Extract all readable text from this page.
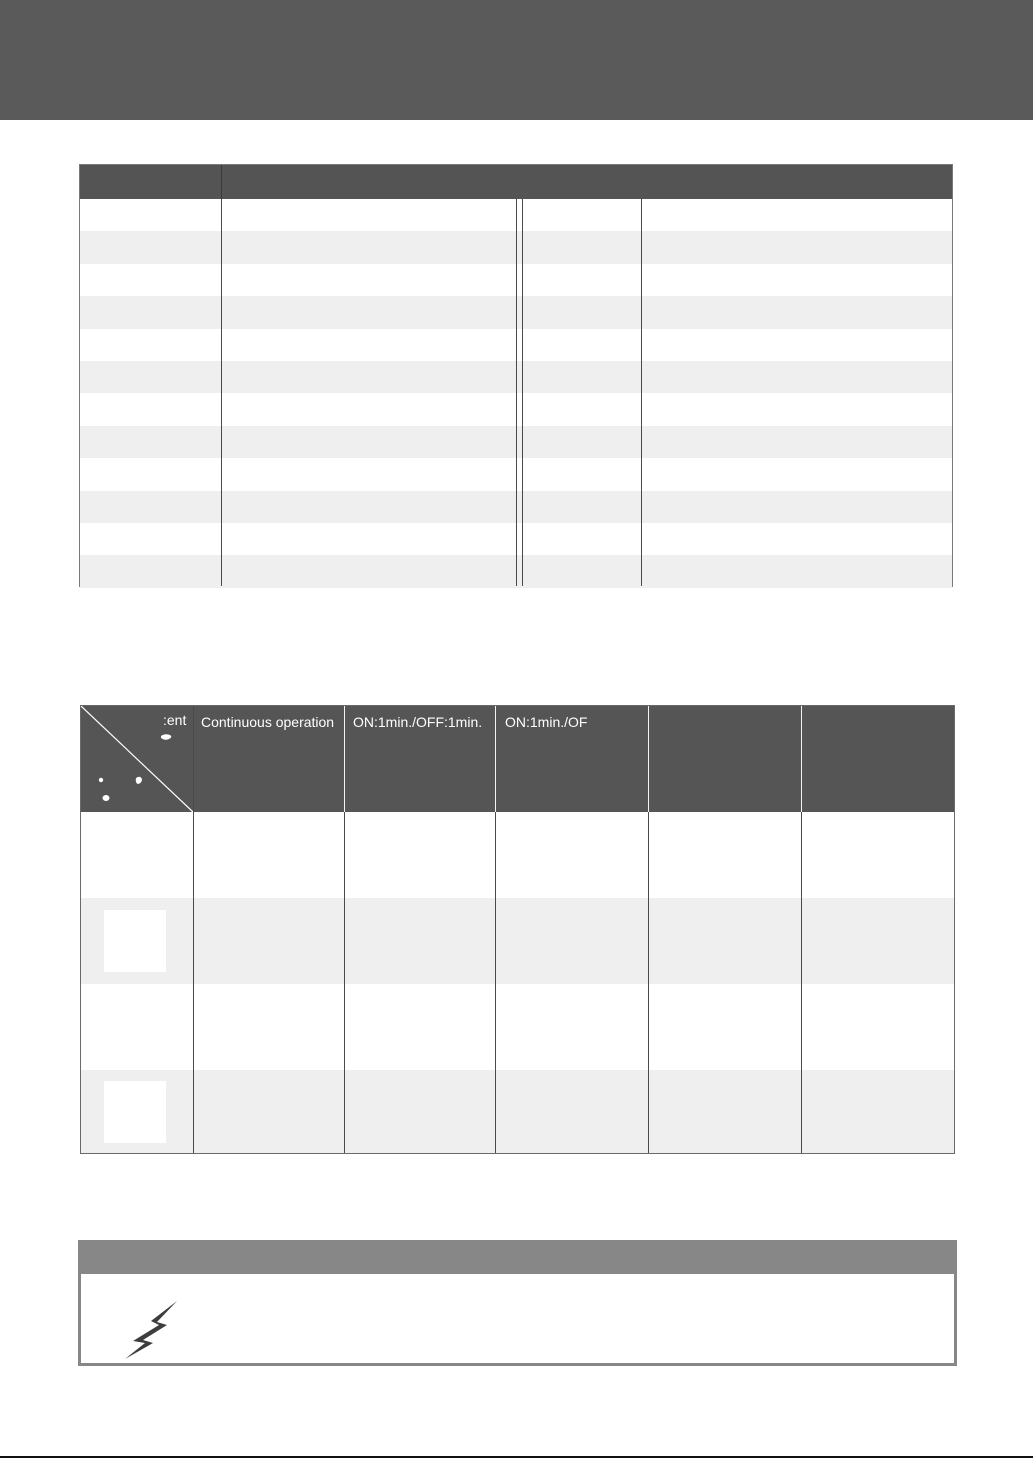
:ent	Continuous operation	ON:1min./OFF:1min.	ON:1min./OF
